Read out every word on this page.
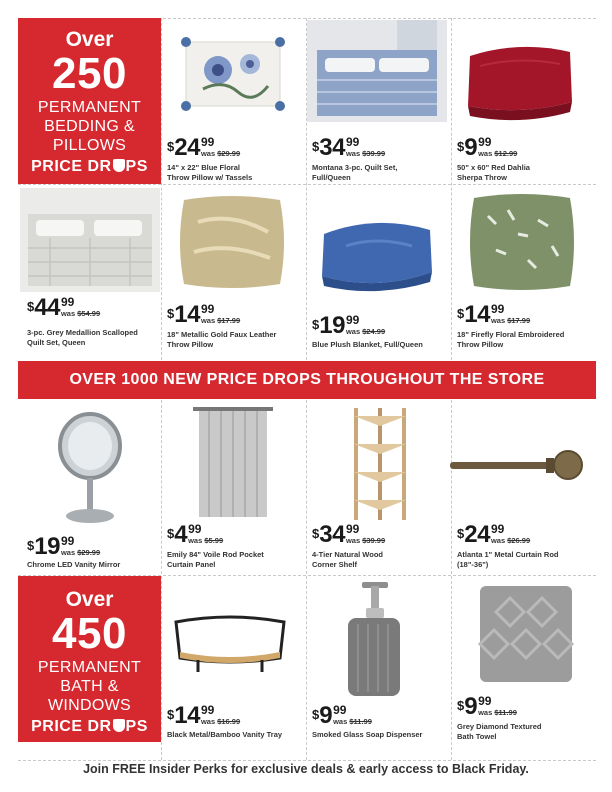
Over
250
PERMANENT
BEDDING &
PILLOWS
PRICE DR PS
Over
450
PERMANENT
BATH &
WINDOWS
PRICE DR PS
OVER 1000 NEW PRICE DROPS THROUGHOUT THE STORE
$ 24 99
was $29.99
14" x 22" Blue Floral
Throw Pillow w/ Tassels
$ 34 99
was $39.99
Montana 3-pc. Quilt Set,
Full/Queen
$ 9 99
was $12.99
50" x 60" Red Dahlia
Sherpa Throw
$ 44 99
was $54.99
3-pc. Grey Medallion Scalloped
Quilt Set, Queen
$ 14 99
was $17.99
18" Metallic Gold Faux Leather
Throw Pillow
$ 19 99
was $24.99
Blue Plush Blanket, Full/Queen
$ 14 99
was $17.99
18" Firefly Floral Embroidered
Throw Pillow
$ 19 99
was $29.99
Chrome LED Vanity Mirror
$ 4 99
was $5.99
Emily 84" Voile Rod Pocket
Curtain Panel
$ 34 99
was $39.99
4-Tier Natural Wood
Corner Shelf
$ 24 99
was $26.99
Atlanta 1" Metal Curtain Rod
(18"-36")
$ 14 99
was $16.99
Black Metal/Bamboo Vanity Tray
$ 9 99
was $11.99
Smoked Glass Soap Dispenser
$ 9 99
was $11.99
Grey Diamond Textured
Bath Towel
Join FREE Insider Perks for exclusive deals & early access to Black Friday.
